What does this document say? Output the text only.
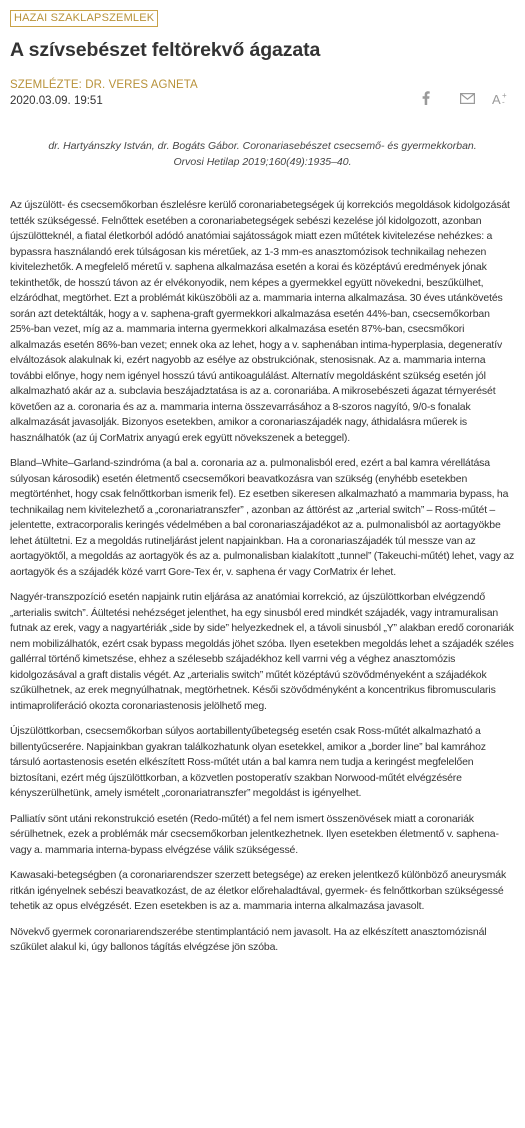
HAZAI SZAKLAPSZEMLEK
A szívsebészet feltörekvő ágazata
SZEMLÉZTE: DR. VERES AGNETA
2020.03.09. 19:51	A +
-
dr. Hartyánszky István, dr. Bogáts Gábor. Coronariasebészet csecsemő- és gyermekkorban.
Orvosi Hetilap 2019;160(49):1935–40.

Az újszülött- és csecsemőkorban észlelésre kerülő coronariabetegségek új korrekciós megoldások kidolgozását tették szükségessé. Felnőttek esetében a coronariabetegségek sebészi kezelése jól kidolgozott, azonban újszülötteknél, a fiatal életkorból adódó anatómiai sajátosságok miatt ezen műtétek kivitelezése nehézkes: a bypassra használandó erek túlságosan kis méretűek, az 1-3 mm-es anasztomózisok technikailag nehezen kivitelezhetők. A megfelelő méretű v. saphena alkalmazása esetén a korai és középtávú eredmények jónak tekinthetők, de hosszú távon az ér elvékonyodik, nem képes a gyermekkel együtt növekedni, beszűkülhet, elzáródhat, megtörhet. Ezt a problémát kiküszöböli az a. mammaria interna alkalmazása. 30 éves utánkövetés során azt detektálták, hogy a v. saphena-graft gyermekkori alkalmazása esetén 44%-ban, csecsemőkorban 25%-ban vezet, míg az a. mammaria interna gyermekkori alkalmazása esetén 87%-ban, csecsmőkori alkalmazás esetén 86%-ban vezet; ennek oka az lehet, hogy a v. saphenában intima-hyperplasia, degeneratív elváltozások alakulnak ki, ezért nagyobb az esélye az obstrukciónak, stenosisnak. Az a. mammaria interna további előnye, hogy nem igényel hosszú távú antikoagulálást. Alternatív megoldásként szükség esetén jól alkalmazható akár az a. subclavia beszájadztatása is az a. coronariába. A mikrosebészeti ágazat térnyerését követően az a. coronaria és az a. mammaria interna összevarrásához a 8-szoros nagyító, 9/0-s fonalak alkalmazását javasolják. Bizonyos esetekben, amikor a coronariaszájadék nagy, áthidalásra műerek is használhatók (az új CorMatrix anyagú erek együtt növekszenek a beteggel).

Bland–White–Garland-szindróma (a bal a. coronaria az a. pulmonalisból ered, ezért a bal kamra vérellátása súlyosan károsodik) esetén életmentő csecsemőkori beavatkozásra van szükség (enyhébb esetekben megtörténhet, hogy csak felnőttkorban ismerik fel). Ez esetben sikeresen alkalmazható a mammaria bypass, ha technikailag nem kivitelezhető a „coronariatranszfer” , azonban az áttörést az „arterial switch” – Ross-műtét – jelentette, extracorporalis keringés védelmében a bal coronariaszájadékot az a. pulmonalisból az aortagyökbe lehet átültetni. Ez a megoldás rutineljárást jelent napjainkban. Ha a coronariaszájadék túl messze van az aortagyöktől, a megoldás az aortagyök és az a. pulmonalisban kialakított „tunnel” (Takeuchi-műtét) lehet, vagy az aortagyök és a szájadék közé varrt Gore-Tex ér, v. saphena ér vagy CorMatrix ér lehet.

Nagyér-transzpozíció esetén napjaink rutin eljárása az anatómiai korrekció, az újszülöttkorban elvégzendő „arterialis switch”. Áültetési nehézséget jelenthet, ha egy sinusból ered mindkét szájadék, vagy intramuralisan futnak az erek, vagy a nagyartériák „side by side” helyezkednek el, a távoli sinusból „Y” alakban eredő coronariák nem mobilizálhatók, ezért csak bypass megoldás jöhet szóba. Ilyen esetekben megoldás lehet a szájadék széles gallérral történő kimetszése, ehhez a szélesebb szájadékhoz kell varrni vég a véghez anasztomózis kidolgozásával a graft distalis végét. Az „arterialis switch” műtét középtávú szövődményeként a szájadékok szűkülhetnek, az erek megnyúlhatnak, megtörhetnek. Késői szövődményként a koncentrikus fibromuscularis intimaproliferáció okozta coronariastenosis jelölhető meg.

Újszülöttkorban, csecsemőkorban súlyos aortabillentyűbetegség esetén csak Ross-műtét alkalmazható a billentyűcserére. Napjainkban gyakran találkozhatunk olyan esetekkel, amikor a „border line” bal kamrához társuló aortastenosis esetén elkészített Ross-műtét után a bal kamra nem tudja a keringést megfelelően biztosítani, ezért még újszülöttkorban, a közvetlen postoperatív szakban Norwood-műtét elvégzésére kényszerülhetünk, amely ismételt „coronariatranszfer” megoldást is igényelhet.

Palliatív sönt utáni rekonstrukció esetén (Redo-műtét) a fel nem ismert összenövések miatt a coronariák sérülhetnek, ezek a problémák már csecsemőkorban jelentkezhetnek. Ilyen esetekben életmentő v. saphena- vagy a. mammaria interna-bypass elvégzése válik szükségessé.

Kawasaki-betegségben (a coronariarendszer szerzett betegsége) az ereken jelentkező különböző aneurysmák ritkán igényelnek sebészi beavatkozást, de az életkor előrehaladtával, gyermek- és felnőttkorban szükségessé tehetik az opus elvégzését. Ezen esetekben is az a. mammaria interna alkalmazása javasolt.

Növekvő gyermek coronariarendszerébe stentimplantáció nem javasolt. Ha az elkészített anasztomózisnál szűkület alakul ki, úgy ballonos tágítás elvégzése jön szóba.
